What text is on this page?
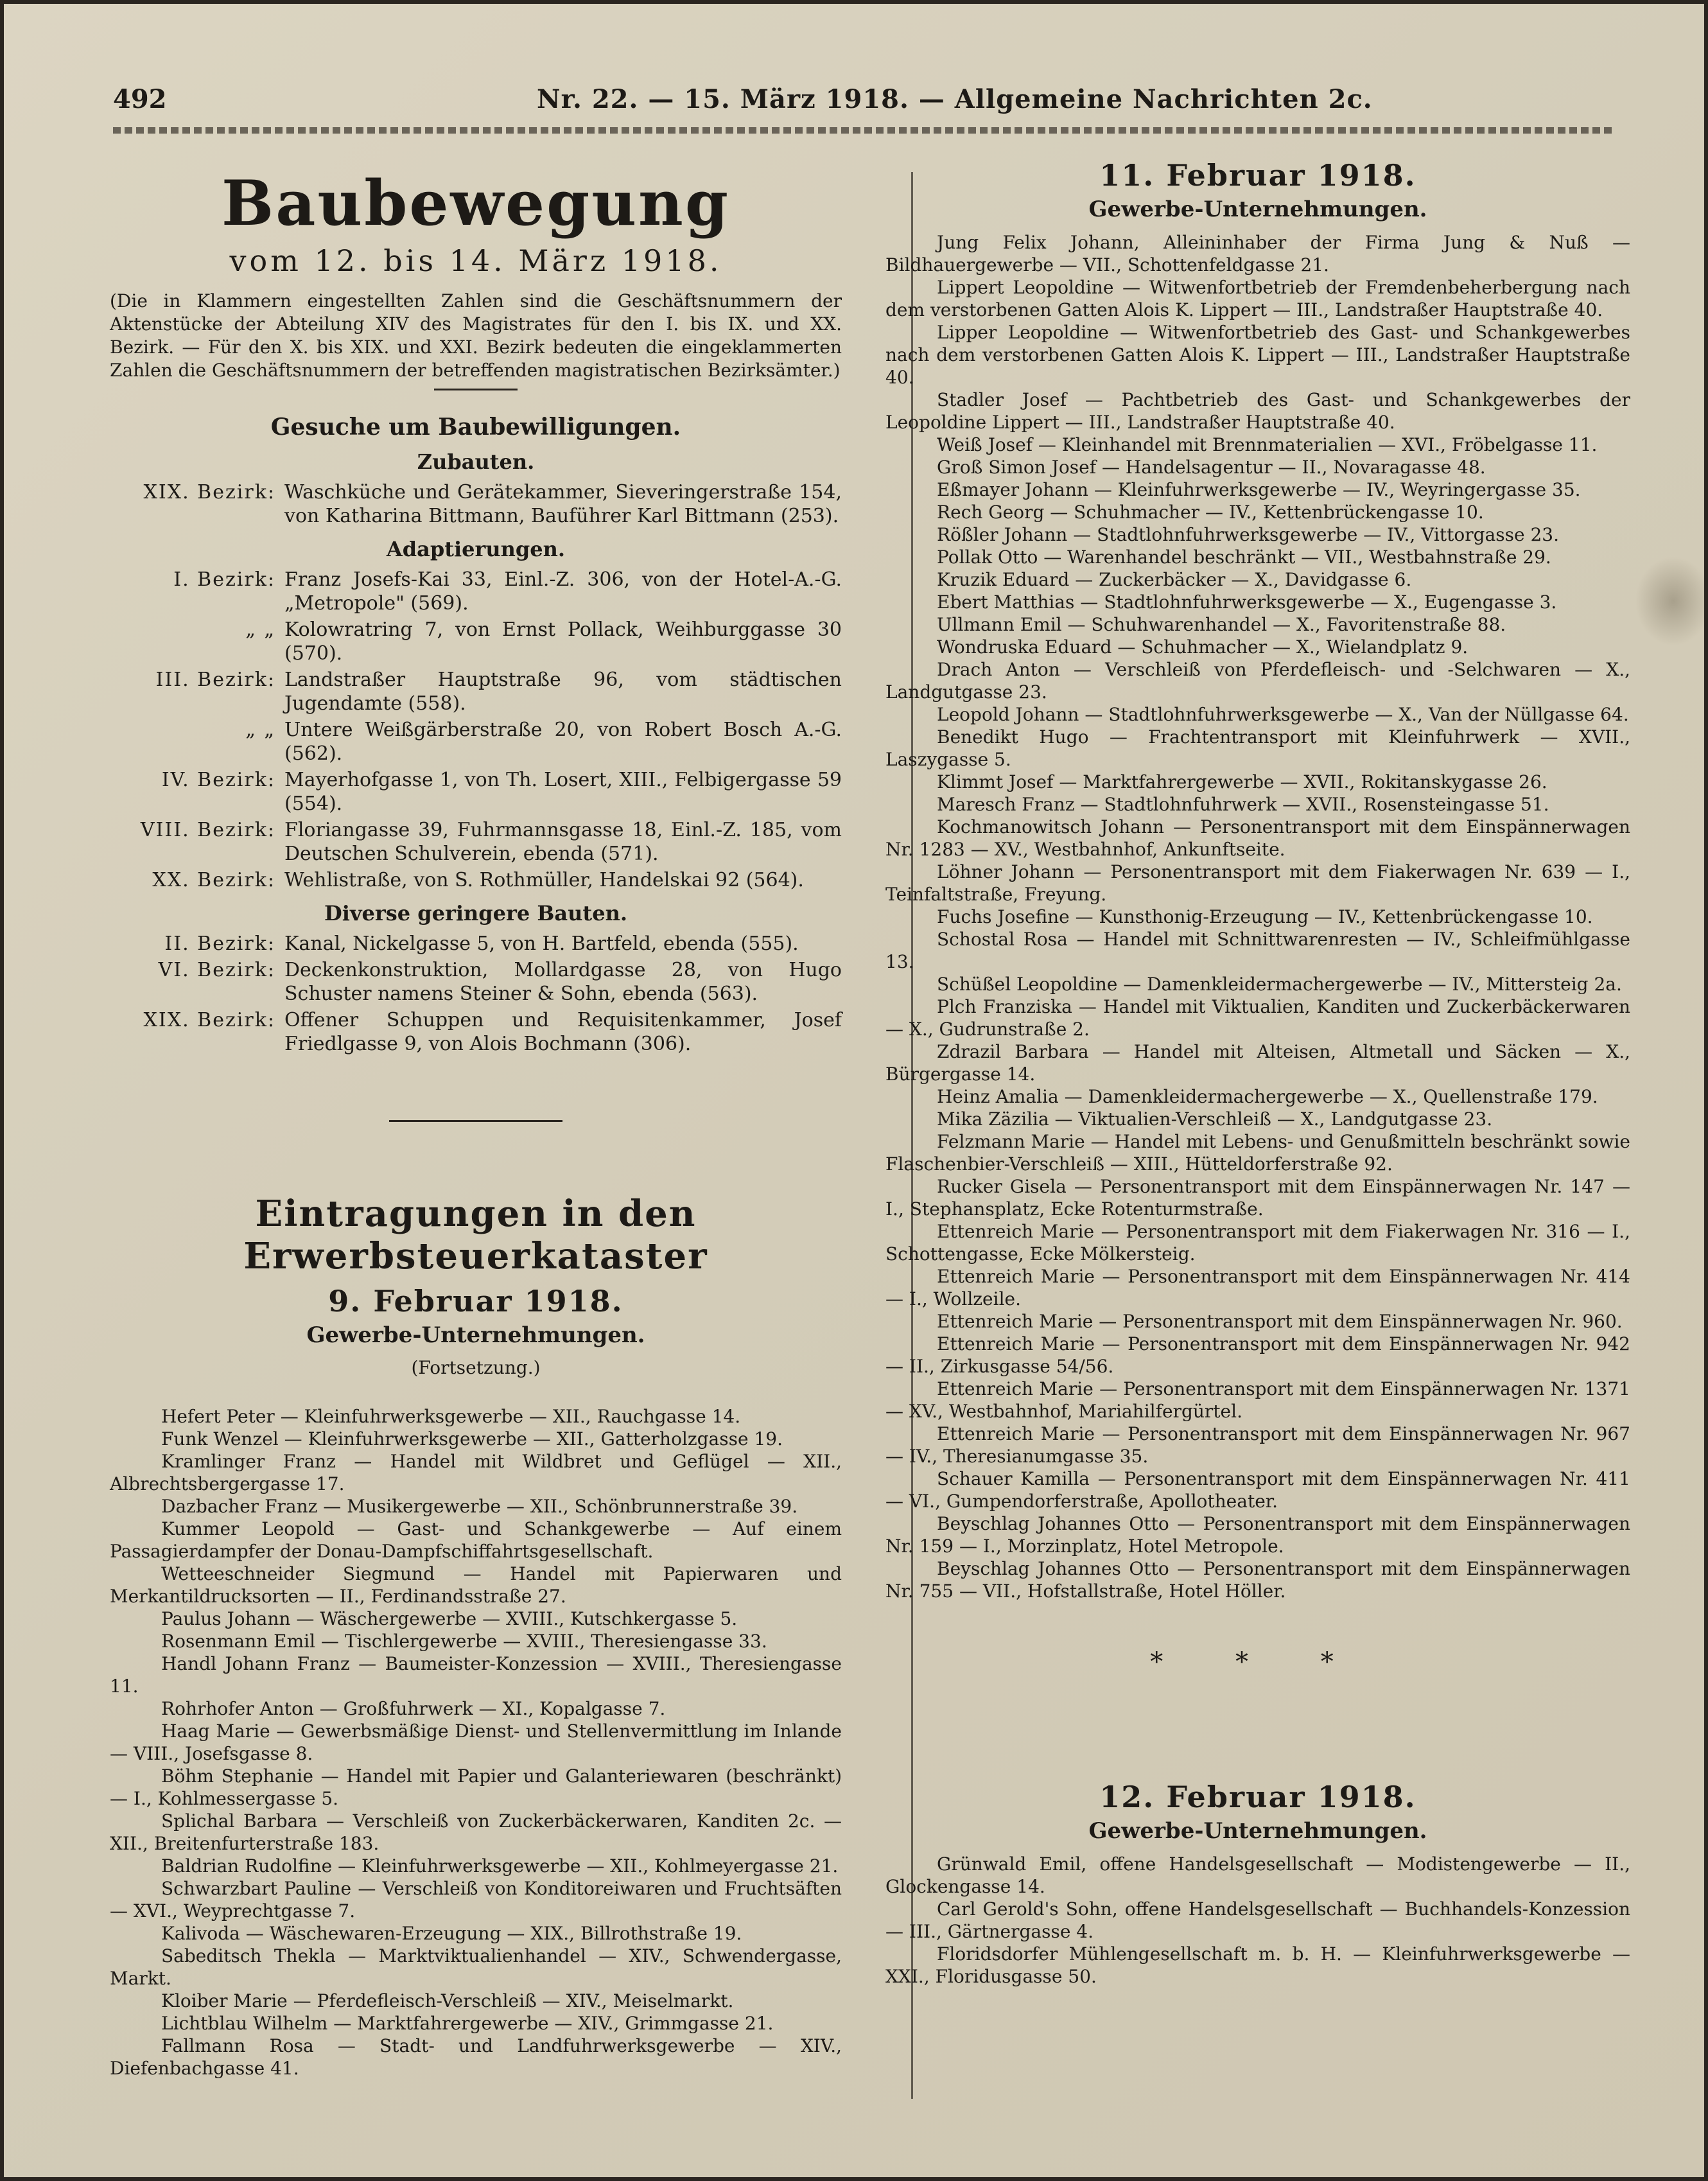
492	Nr. 22. — 15. März 1918. — Allgemeine Nachrichten 2c.
Baubewegung
vom 12. bis 14. März 1918.

(Die in Klammern eingestellten Zahlen sind die Geschäftsnummern der Aktenstücke der Abteilung XIV des Magistrates für den I. bis IX. und XX. Bezirk. — Für den X. bis XIX. und XXI. Bezirk bedeuten die eingeklammerten Zahlen die Geschäftsnummern der betreffenden magistratischen Bezirksämter.)

Gesuche um Baubewilligungen.
Zubauten.
XIX. Bezirk: Waschküche und Gerätekammer, Sieveringerstraße 154, von Katharina Bittmann, Bauführer Karl Bittmann (253).
Adaptierungen.
I. Bezirk: Franz Josefs-Kai 33, Einl.-Z. 306, von der Hotel-A.-G. „Metropole" (569).
„ „ Kolowratring 7, von Ernst Pollack, Weihburggasse 30 (570).
III. Bezirk: Landstraßer Hauptstraße 96, vom städtischen Jugendamte (558).
„ „ Untere Weißgärberstraße 20, von Robert Bosch A.-G. (562).
IV. Bezirk: Mayerhofgasse 1, von Th. Losert, XIII., Felbigergasse 59 (554).
VIII. Bezirk: Floriangasse 39, Fuhrmannsgasse 18, Einl.-Z. 185, vom Deutschen Schulverein, ebenda (571).
XX. Bezirk: Wehlistraße, von S. Rothmüller, Handelskai 92 (564).
Diverse geringere Bauten.
II. Bezirk: Kanal, Nickelgasse 5, von H. Bartfeld, ebenda (555).
VI. Bezirk: Deckenkonstruktion, Mollardgasse 28, von Hugo Schuster namens Steiner & Sohn, ebenda (563).
XIX. Bezirk: Offener Schuppen und Requisitenkammer, Josef Friedlgasse 9, von Alois Bochmann (306).
Eintragungen in den Erwerbsteuerkataster
9. Februar 1918.
Gewerbe-Unternehmungen.
(Fortsetzung.)

Hefert Peter — Kleinfuhrwerksgewerbe — XII., Rauchgasse 14.

Funk Wenzel — Kleinfuhrwerksgewerbe — XII., Gatterholzgasse 19.

Kramlinger Franz — Handel mit Wildbret und Geflügel — XII., Albrechtsbergergasse 17.

Dazbacher Franz — Musikergewerbe — XII., Schönbrunnerstraße 39.

Kummer Leopold — Gast- und Schankgewerbe — Auf einem Passagierdampfer der Donau-Dampfschiffahrtsgesellschaft.

Wetteeschneider Siegmund — Handel mit Papierwaren und Merkantildrucksorten — II., Ferdinandsstraße 27.

Paulus Johann — Wäschergewerbe — XVIII., Kutschkergasse 5.

Rosenmann Emil — Tischlergewerbe — XVIII., Theresiengasse 33.

Handl Johann Franz — Baumeister-Konzession — XVIII., Theresiengasse 11.

Rohrhofer Anton — Großfuhrwerk — XI., Kopalgasse 7.

Haag Marie — Gewerbsmäßige Dienst- und Stellenvermittlung im Inlande — VIII., Josefsgasse 8.

Böhm Stephanie — Handel mit Papier und Galanteriewaren (beschränkt) — I., Kohlmessergasse 5.

Splichal Barbara — Verschleiß von Zuckerbäckerwaren, Kanditen 2c. — XII., Breitenfurterstraße 183.

Baldrian Rudolfine — Kleinfuhrwerksgewerbe — XII., Kohlmeyergasse 21.

Schwarzbart Pauline — Verschleiß von Konditoreiwaren und Fruchtsäften — XVI., Weyprechtgasse 7.

Kalivoda — Wäschewaren-Erzeugung — XIX., Billrothstraße 19.

Sabeditsch Thekla — Marktviktualienhandel — XIV., Schwendergasse, Markt.

Kloiber Marie — Pferdefleisch-Verschleiß — XIV., Meiselmarkt.

Lichtblau Wilhelm — Marktfahrergewerbe — XIV., Grimmgasse 21.

Fallmann Rosa — Stadt- und Landfuhrwerksgewerbe — XIV., Diefenbachgasse 41.

11. Februar 1918.
Gewerbe-Unternehmungen.

Jung Felix Johann, Alleininhaber der Firma Jung & Nuß — Bildhauergewerbe — VII., Schottenfeldgasse 21.

Lippert Leopoldine — Witwenfortbetrieb der Fremdenbeherbergung nach dem verstorbenen Gatten Alois K. Lippert — III., Landstraßer Hauptstraße 40.

Lipper Leopoldine — Witwenfortbetrieb des Gast- und Schankgewerbes nach dem verstorbenen Gatten Alois K. Lippert — III., Landstraßer Hauptstraße 40.

Stadler Josef — Pachtbetrieb des Gast- und Schankgewerbes der Leopoldine Lippert — III., Landstraßer Hauptstraße 40.

Weiß Josef — Kleinhandel mit Brennmaterialien — XVI., Fröbelgasse 11.

Groß Simon Josef — Handelsagentur — II., Novaragasse 48.

Eßmayer Johann — Kleinfuhrwerksgewerbe — IV., Weyringergasse 35.

Rech Georg — Schuhmacher — IV., Kettenbrückengasse 10.

Rößler Johann — Stadtlohnfuhrwerksgewerbe — IV., Vittorgasse 23.

Pollak Otto — Warenhandel beschränkt — VII., Westbahnstraße 29.

Kruzik Eduard — Zuckerbäcker — X., Davidgasse 6.

Ebert Matthias — Stadtlohnfuhrwerksgewerbe — X., Eugengasse 3.

Ullmann Emil — Schuhwarenhandel — X., Favoritenstraße 88.

Wondruska Eduard — Schuhmacher — X., Wielandplatz 9.

Drach Anton — Verschleiß von Pferdefleisch- und -Selchwaren — X., Landgutgasse 23.

Leopold Johann — Stadtlohnfuhrwerksgewerbe — X., Van der Nüllgasse 64.

Benedikt Hugo — Frachtentransport mit Kleinfuhrwerk — XVII., Laszygasse 5.

Klimmt Josef — Marktfahrergewerbe — XVII., Rokitanskygasse 26.

Maresch Franz — Stadtlohnfuhrwerk — XVII., Rosensteingasse 51.

Kochmanowitsch Johann — Personentransport mit dem Einspännerwagen Nr. 1283 — XV., Westbahnhof, Ankunftseite.

Löhner Johann — Personentransport mit dem Fiakerwagen Nr. 639 — I., Teinfaltstraße, Freyung.

Fuchs Josefine — Kunsthonig-Erzeugung — IV., Kettenbrückengasse 10.

Schostal Rosa — Handel mit Schnittwarenresten — IV., Schleifmühlgasse 13.

Schüßel Leopoldine — Damenkleidermachergewerbe — IV., Mittersteig 2a.

Plch Franziska — Handel mit Viktualien, Kanditen und Zuckerbäckerwaren — X., Gudrunstraße 2.

Zdrazil Barbara — Handel mit Alteisen, Altmetall und Säcken — X., Bürgergasse 14.

Heinz Amalia — Damenkleidermachergewerbe — X., Quellenstraße 179.

Mika Zäzilia — Viktualien-Verschleiß — X., Landgutgasse 23.

Felzmann Marie — Handel mit Lebens- und Genußmitteln beschränkt sowie Flaschenbier-Verschleiß — XIII., Hütteldorferstraße 92.

Rucker Gisela — Personentransport mit dem Einspännerwagen Nr. 147 — I., Stephansplatz, Ecke Rotenturmstraße.

Ettenreich Marie — Personentransport mit dem Fiakerwagen Nr. 316 — I., Schottengasse, Ecke Mölkersteig.

Ettenreich Marie — Personentransport mit dem Einspännerwagen Nr. 414 — I., Wollzeile.

Ettenreich Marie — Personentransport mit dem Einspännerwagen Nr. 960.

Ettenreich Marie — Personentransport mit dem Einspännerwagen Nr. 942 — II., Zirkusgasse 54/56.

Ettenreich Marie — Personentransport mit dem Einspännerwagen Nr. 1371 — XV., Westbahnhof, Mariahilfergürtel.

Ettenreich Marie — Personentransport mit dem Einspännerwagen Nr. 967 — IV., Theresianumgasse 35.

Schauer Kamilla — Personentransport mit dem Einspännerwagen Nr. 411 — VI., Gumpendorferstraße, Apollotheater.

Beyschlag Johannes Otto — Personentransport mit dem Einspännerwagen Nr. 159 — I., Morzinplatz, Hotel Metropole.

Beyschlag Johannes Otto — Personentransport mit dem Einspännerwagen Nr. 755 — VII., Hofstallstraße, Hotel Höller.

* * *
12. Februar 1918.
Gewerbe-Unternehmungen.

Grünwald Emil, offene Handelsgesellschaft — Modistengewerbe — II., Glockengasse 14.

Carl Gerold's Sohn, offene Handelsgesellschaft — Buchhandels-Konzession — III., Gärtnergasse 4.

Floridsdorfer Mühlengesellschaft m. b. H. — Kleinfuhrwerksgewerbe — XXI., Floridusgasse 50.
